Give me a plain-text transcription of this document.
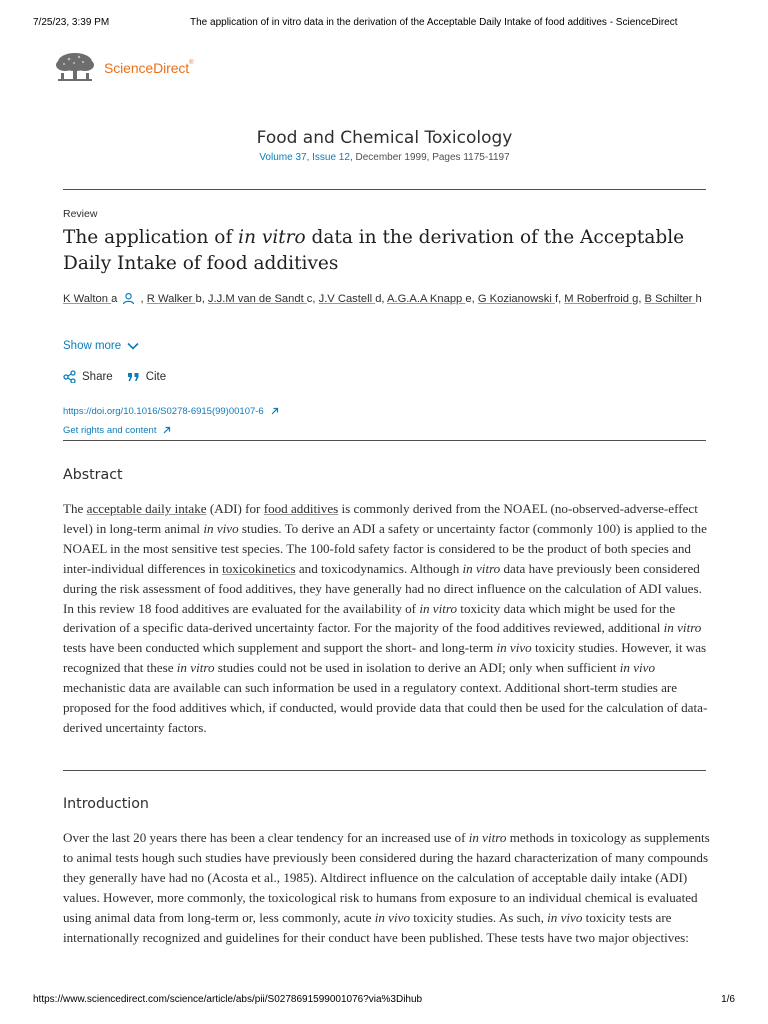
7/25/23, 3:39 PM	The application of in vitro data in the derivation of the Acceptable Daily Intake of food additives - ScienceDirect
ScienceDirect®
Food and Chemical Toxicology
Volume 37, Issue 12, December 1999, Pages 1175-1197
Review
The application of in vitro data in the derivation of the Acceptable Daily Intake of food additives
K Walton a  , R Walker b, J.J.M van de Sandt c, J.V Castell d, A.G.A.A Knapp e, G Kozianowski f, M Roberfroid g, B Schilter h
Show more
Share	Cite
https://doi.org/10.1016/S0278-6915(99)00107-6
Get rights and content
Abstract

The acceptable daily intake (ADI) for food additives is commonly derived from the NOAEL (no-observed-adverse-effect level) in long-term animal in vivo studies. To derive an ADI a safety or uncertainty factor (commonly 100) is applied to the NOAEL in the most sensitive test species. The 100-fold safety factor is considered to be the product of both species and inter-individual differences in toxicokinetics and toxicodynamics. Although in vitro data have previously been considered during the risk assessment of food additives, they have generally had no direct influence on the calculation of ADI values. In this review 18 food additives are evaluated for the availability of in vitro toxicity data which might be used for the derivation of a specific data-derived uncertainty factor. For the majority of the food additives reviewed, additional in vitro tests have been conducted which supplement and support the short- and long-term in vivo toxicity studies. However, it was recognized that these in vitro studies could not be used in isolation to derive an ADI; only when sufficient in vivo mechanistic data are available can such information be used in a regulatory context. Additional short-term studies are proposed for the food additives which, if conducted, would provide data that could then be used for the calculation of data-derived uncertainty factors.

Introduction

Over the last 20 years there has been a clear tendency for an increased use of in vitro methods in toxicology as supplements to animal tests hough such studies have previously been considered during the hazard characterization of many compounds they generally have had no (Acosta et al., 1985). Altdirect influence on the calculation of acceptable daily intake (ADI) values. However, more commonly, the toxicological risk to humans from exposure to an individual chemical is evaluated using animal data from long-term or, less commonly, acute in vivo toxicity studies. As such, in vivo toxicity tests are internationally recognized and guidelines for their conduct have been published. These tests have two major objectives:

https://www.sciencedirect.com/science/article/abs/pii/S0278691599001076?via%3Dihub	1/6
